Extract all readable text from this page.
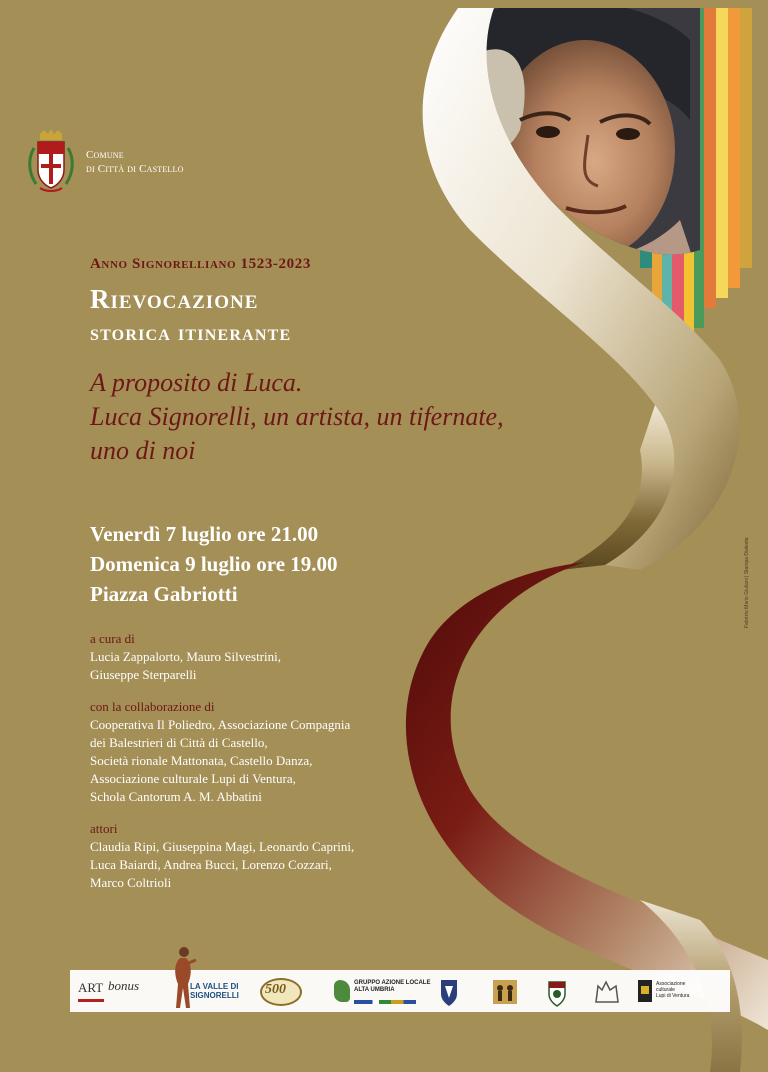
Comune
di Città di Castello
Anno Signorelliano 1523-2023
Rievocazione
storica itinerante
A proposito di Luca.
Luca Signorelli, un artista, un tifernate,
uno di noi
Venerdì 7 luglio ore 21.00
Domenica 9 luglio ore 19.00
Piazza Gabriotti
a cura di
Lucia Zappalorto, Mauro Silvestrini,
Giuseppe Sterparelli
con la collaborazione di
Cooperativa Il Poliedro, Associazione Compagnia
dei Balestrieri di Città di Castello,
Società rionale Mattonata, Castello Danza,
Associazione culturale Lupi di Ventura,
Schola Cantorum A. M. Abbatini
attori
Claudia Ripi, Giuseppina Magi, Leonardo Caprini,
Luca Baiardi, Andrea Bucci, Lorenzo Cozzari,
Marco Coltrioli
Fabrizio Mario Giuliani | Stampa Dialesta
ART bonus	LA VALLE DI
SIGNORELLI 500	GRUPPO AZIONE LOCALE
ALTA UMBRIA
Associazione
culturale
Lupi di Ventura
